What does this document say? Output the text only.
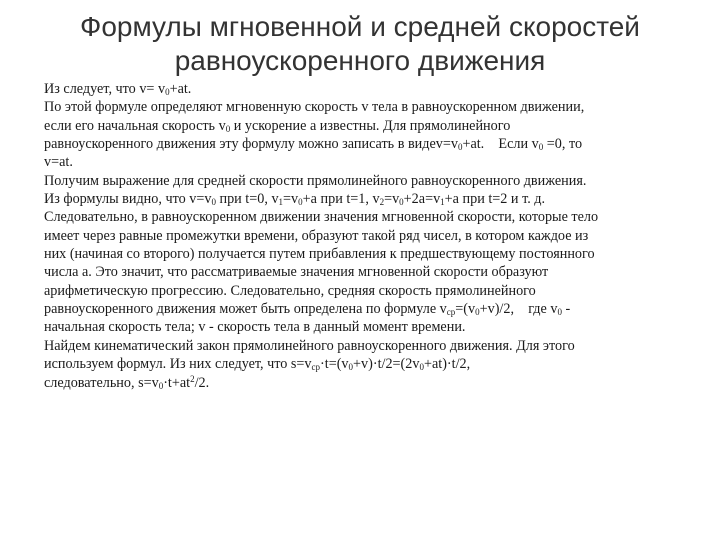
Формулы мгновенной и средней скоростей
равноускоренного движения
Из следует, что $v= v_0+at$.
По этой формуле определяют мгновенную скорость v тела в равноускоренном движении,
если его начальная скорость $v_0$ и ускорение a известны. Для прямолинейного
равноускоренного движения эту формулу можно записать в $видеv=v_0+at$.    Если $v_0 =0$, то
v=at.
Получим выражение для средней скорости прямолинейного равноускоренного движения.
Из формулы видно, что $v=v_0$ при t=0, $v_1=v_0+a$ при t=1, $v_2=v_0+2a=v_1+a$ при t=2 и т. д.
Следовательно, в равноускоренном движении значения мгновенной скорости, которые тело
имеет через равные промежутки времени, образуют такой ряд чисел, в котором каждое из
них (начиная со второго) получается путем прибавления к предшествующему постоянного
числа a. Это значит, что рассматриваемые значения мгновенной скорости образуют
арифметическую прогрессию. Следовательно, средняя скорость прямолинейного
равноускоренного движения может быть определена по формуле $v_{ср}=(v_0+v)/2$,    где $v_0$ -
начальная скорость тела; v - скорость тела в данный момент времени.
Найдем кинематический закон прямолинейного равноускоренного движения. Для этого
используем формул. Из них следует, что $s=v_{ср}\cdot t=(v_0+v)\cdot t/2=(2v_0+at)\cdot t/2$,
следовательно, $s=v_0\cdot t+at^2/2$.
